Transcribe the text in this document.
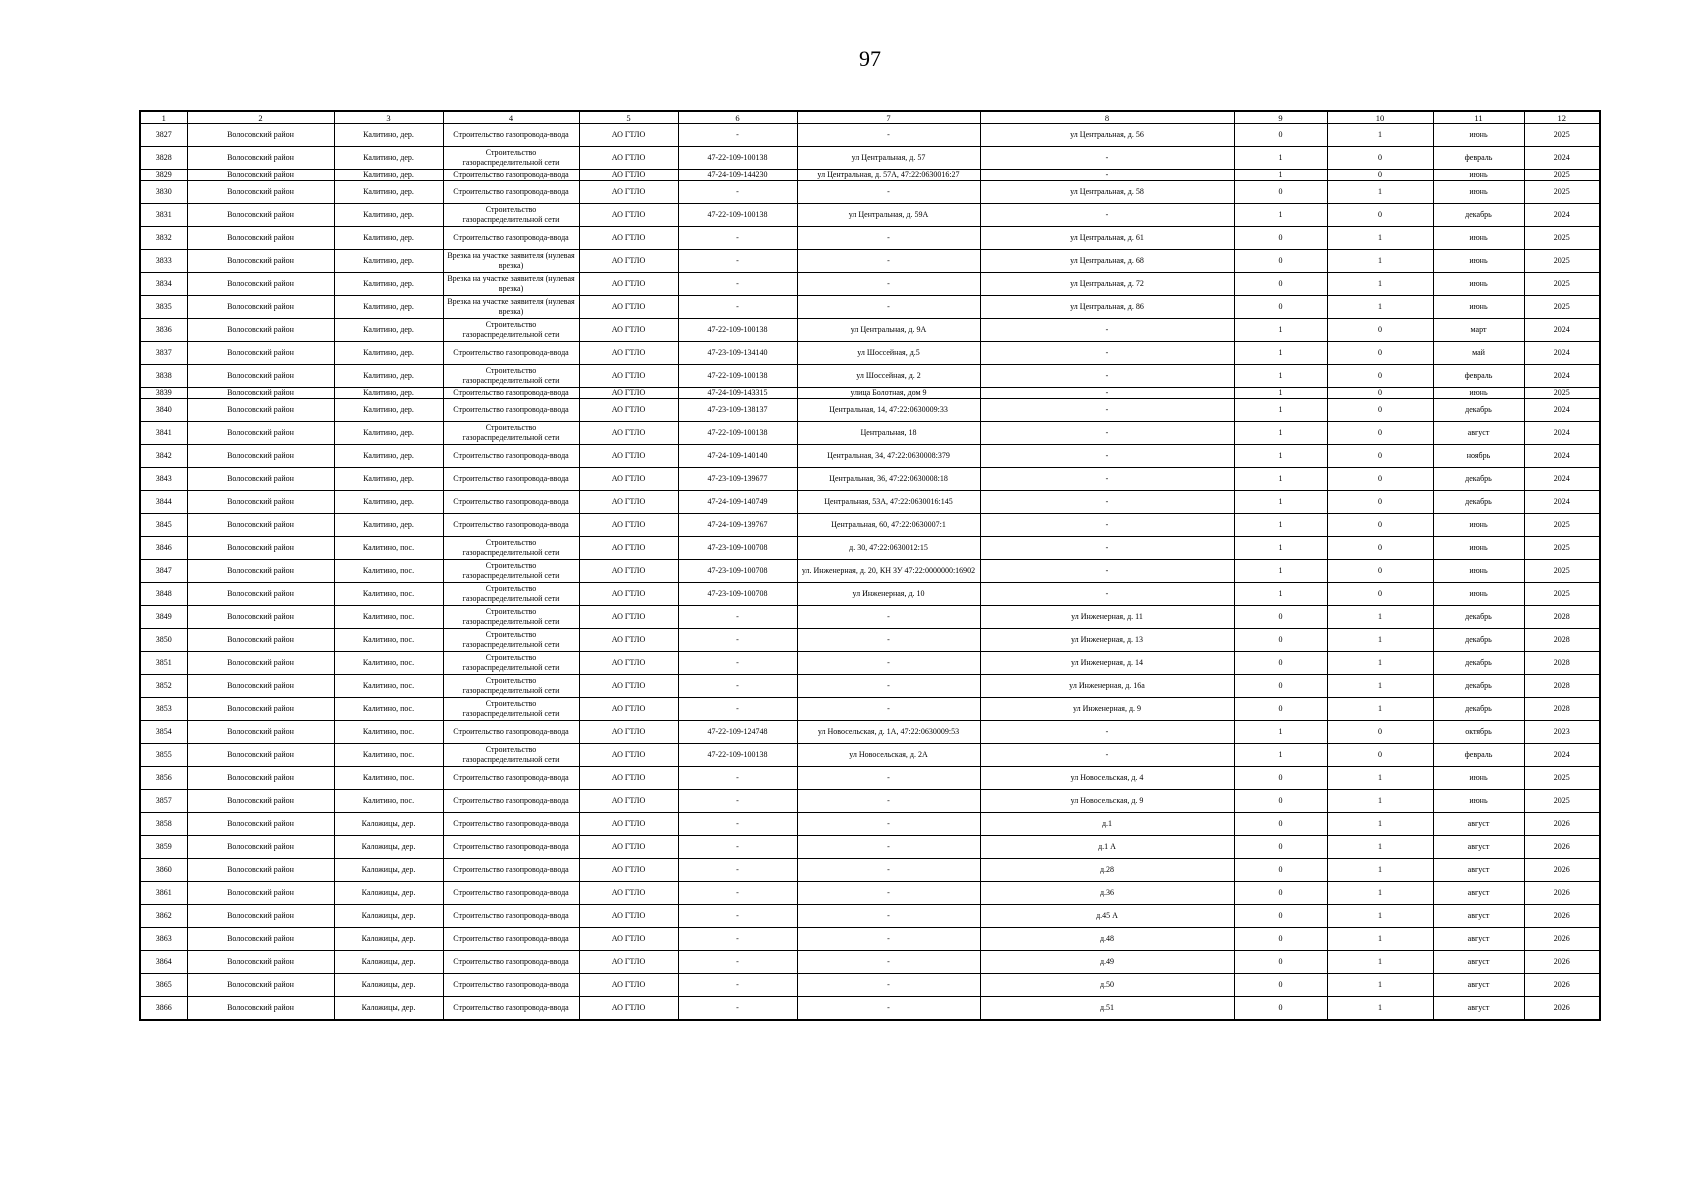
97
1	2	3	4	5	6	7	8	9	10	11	12
3827	Волосовский район	Калитино, дер.	Строительство газопровода-ввода	АО ГТЛО	-	-	ул Центральная, д. 56	0	1	июнь	2025
3828	Волосовский район	Калитино, дер.	Строительство газораспределительной сети	АО ГТЛО	47-22-109-100138	ул Центральная, д. 57	-	1	0	февраль	2024
3829	Волосовский район	Калитино, дер.	Строительство газопровода-ввода	АО ГТЛО	47-24-109-144230	ул Центральная, д. 57А, 47:22:0630016:27	-	1	0	июнь	2025
3830	Волосовский район	Калитино, дер.	Строительство газопровода-ввода	АО ГТЛО	-	-	ул Центральная, д. 58	0	1	июнь	2025
3831	Волосовский район	Калитино, дер.	Строительство газораспределительной сети	АО ГТЛО	47-22-109-100138	ул Центральная, д. 59А	-	1	0	декабрь	2024
3832	Волосовский район	Калитино, дер.	Строительство газопровода-ввода	АО ГТЛО	-	-	ул Центральная, д. 61	0	1	июнь	2025
3833	Волосовский район	Калитино, дер.	Врезка на участке заявителя (нулевая врезка)	АО ГТЛО	-	-	ул Центральная, д. 68	0	1	июнь	2025
3834	Волосовский район	Калитино, дер.	Врезка на участке заявителя (нулевая врезка)	АО ГТЛО	-	-	ул Центральная, д. 72	0	1	июнь	2025
3835	Волосовский район	Калитино, дер.	Врезка на участке заявителя (нулевая врезка)	АО ГТЛО	-	-	ул Центральная, д. 86	0	1	июнь	2025
3836	Волосовский район	Калитино, дер.	Строительство газораспределительной сети	АО ГТЛО	47-22-109-100138	ул Центральная, д. 9А	-	1	0	март	2024
3837	Волосовский район	Калитино, дер.	Строительство газопровода-ввода	АО ГТЛО	47-23-109-134140	ул Шоссейная, д.5	-	1	0	май	2024
3838	Волосовский район	Калитино, дер.	Строительство газораспределительной сети	АО ГТЛО	47-22-109-100138	ул Шоссейная, д. 2	-	1	0	февраль	2024
3839	Волосовский район	Калитино, дер.	Строительство газопровода-ввода	АО ГТЛО	47-24-109-143315	улица Болотная, дом 9	-	1	0	июнь	2025
3840	Волосовский район	Калитино, дер.	Строительство газопровода-ввода	АО ГТЛО	47-23-109-138137	Центральная, 14, 47:22:0630009:33	-	1	0	декабрь	2024
3841	Волосовский район	Калитино, дер.	Строительство газораспределительной сети	АО ГТЛО	47-22-109-100138	Центральная, 18	-	1	0	август	2024
3842	Волосовский район	Калитино, дер.	Строительство газопровода-ввода	АО ГТЛО	47-24-109-140140	Центральная, 34, 47:22:0630008:379	-	1	0	ноябрь	2024
3843	Волосовский район	Калитино, дер.	Строительство газопровода-ввода	АО ГТЛО	47-23-109-139677	Центральная, 36, 47:22:0630008:18	-	1	0	декабрь	2024
3844	Волосовский район	Калитино, дер.	Строительство газопровода-ввода	АО ГТЛО	47-24-109-140749	Центральная, 53А, 47:22:0630016:145	-	1	0	декабрь	2024
3845	Волосовский район	Калитино, дер.	Строительство газопровода-ввода	АО ГТЛО	47-24-109-139767	Центральная, 60, 47:22:0630007:1	-	1	0	июнь	2025
3846	Волосовский район	Калитино, пос.	Строительство газораспределительной сети	АО ГТЛО	47-23-109-100708	д. 30, 47:22:0630012:15	-	1	0	июнь	2025
3847	Волосовский район	Калитино, пос.	Строительство газораспределительной сети	АО ГТЛО	47-23-109-100708	ул. Инженерная, д. 20, КН ЗУ 47:22:0000000:16902	-	1	0	июнь	2025
3848	Волосовский район	Калитино, пос.	Строительство газораспределительной сети	АО ГТЛО	47-23-109-100708	ул Инженерная, д. 10	-	1	0	июнь	2025
3849	Волосовский район	Калитино, пос.	Строительство газораспределительной сети	АО ГТЛО	-	-	ул Инженерная, д. 11	0	1	декабрь	2028
3850	Волосовский район	Калитино, пос.	Строительство газораспределительной сети	АО ГТЛО	-	-	ул Инженерная, д. 13	0	1	декабрь	2028
3851	Волосовский район	Калитино, пос.	Строительство газораспределительной сети	АО ГТЛО	-	-	ул Инженерная, д. 14	0	1	декабрь	2028
3852	Волосовский район	Калитино, пос.	Строительство газораспределительной сети	АО ГТЛО	-	-	ул Инженерная, д. 16а	0	1	декабрь	2028
3853	Волосовский район	Калитино, пос.	Строительство газораспределительной сети	АО ГТЛО	-	-	ул Инженерная, д. 9	0	1	декабрь	2028
3854	Волосовский район	Калитино, пос.	Строительство газопровода-ввода	АО ГТЛО	47-22-109-124748	ул Новосельская, д. 1А, 47:22:0630009:53	-	1	0	октябрь	2023
3855	Волосовский район	Калитино, пос.	Строительство газораспределительной сети	АО ГТЛО	47-22-109-100138	ул Новосельская, д. 2А	-	1	0	февраль	2024
3856	Волосовский район	Калитино, пос.	Строительство газопровода-ввода	АО ГТЛО	-	-	ул Новосельская, д. 4	0	1	июнь	2025
3857	Волосовский район	Калитино, пос.	Строительство газопровода-ввода	АО ГТЛО	-	-	ул Новосельская, д. 9	0	1	июнь	2025
3858	Волосовский район	Каложицы, дер.	Строительство газопровода-ввода	АО ГТЛО	-	-	д.1	0	1	август	2026
3859	Волосовский район	Каложицы, дер.	Строительство газопровода-ввода	АО ГТЛО	-	-	д.1 А	0	1	август	2026
3860	Волосовский район	Каложицы, дер.	Строительство газопровода-ввода	АО ГТЛО	-	-	д.28	0	1	август	2026
3861	Волосовский район	Каложицы, дер.	Строительство газопровода-ввода	АО ГТЛО	-	-	д.36	0	1	август	2026
3862	Волосовский район	Каложицы, дер.	Строительство газопровода-ввода	АО ГТЛО	-	-	д.45 А	0	1	август	2026
3863	Волосовский район	Каложицы, дер.	Строительство газопровода-ввода	АО ГТЛО	-	-	д.48	0	1	август	2026
3864	Волосовский район	Каложицы, дер.	Строительство газопровода-ввода	АО ГТЛО	-	-	д.49	0	1	август	2026
3865	Волосовский район	Каложицы, дер.	Строительство газопровода-ввода	АО ГТЛО	-	-	д.50	0	1	август	2026
3866	Волосовский район	Каложицы, дер.	Строительство газопровода-ввода	АО ГТЛО	-	-	д.51	0	1	август	2026
